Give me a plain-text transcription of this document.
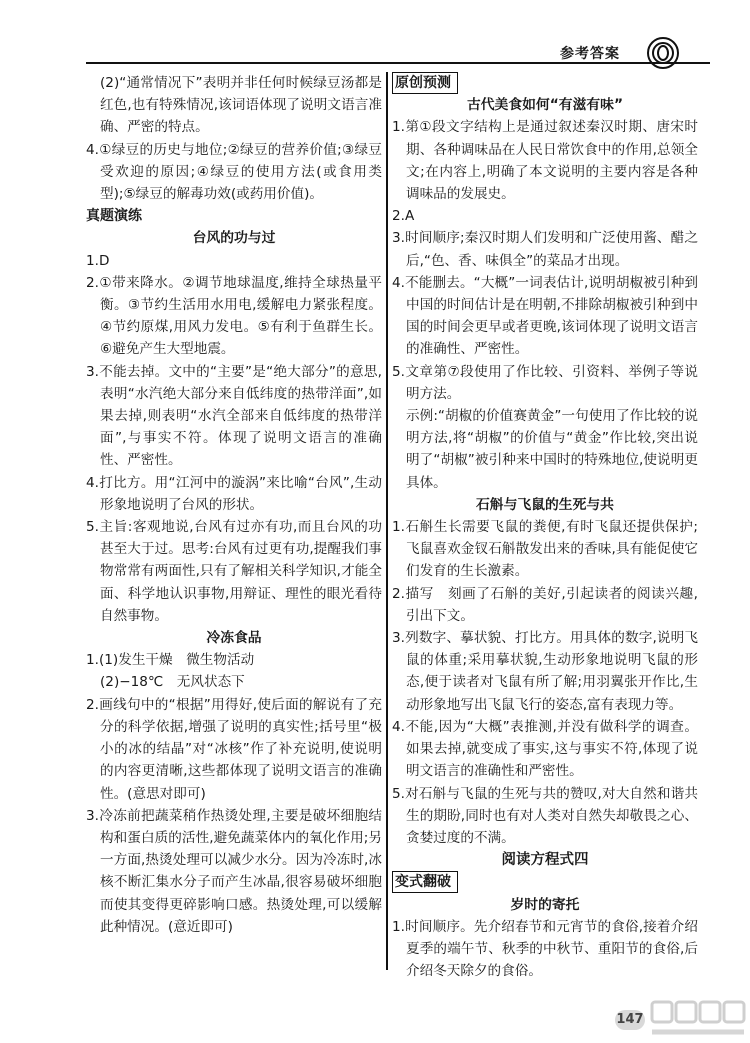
参考答案

(2)“通常情况下”表明并非任何时候绿豆汤都是红色,也有特殊情况,该词语体现了说明文语言准确、严密的特点。

4.①绿豆的历史与地位;②绿豆的营养价值;③绿豆受欢迎的原因;④绿豆的使用方法(或食用类型);⑤绿豆的解毒功效(或药用价值)。

真题演练

台风的功与过

1.D

2.①带来降水。②调节地球温度,维持全球热量平衡。③节约生活用水用电,缓解电力紧张程度。④节约原煤,用风力发电。⑤有利于鱼群生长。⑥避免产生大型地震。

3.不能去掉。文中的“主要”是“绝大部分”的意思,表明“水汽绝大部分来自低纬度的热带洋面”,如果去掉,则表明“水汽全部来自低纬度的热带洋面”,与事实不符。体现了说明文语言的准确性、严密性。

4.打比方。用“江河中的漩涡”来比喻“台风”,生动形象地说明了台风的形状。

5.主旨:客观地说,台风有过亦有功,而且台风的功甚至大于过。思考:台风有过更有功,提醒我们事物常常有两面性,只有了解相关科学知识,才能全面、科学地认识事物,用辩证、理性的眼光看待自然事物。

冷冻食品

1.(1)发生干燥　微生物活动

(2)−18℃　无风状态下

2.画线句中的“根据”用得好,使后面的解说有了充分的科学依据,增强了说明的真实性;括号里“极小的冰的结晶”对“冰核”作了补充说明,使说明的内容更清晰,这些都体现了说明文语言的准确性。(意思对即可)

3.冷冻前把蔬菜稍作热烫处理,主要是破坏细胞结构和蛋白质的活性,避免蔬菜体内的氧化作用;另一方面,热烫处理可以减少水分。因为冷冻时,冰核不断汇集水分子而产生冰晶,很容易破坏细胞而使其变得更碎影响口感。热烫处理,可以缓解此种情况。(意近即可)

原创预测

古代美食如何“有滋有味”

1.第①段文字结构上是通过叙述秦汉时期、唐宋时期、各种调味品在人民日常饮食中的作用,总领全文;在内容上,明确了本文说明的主要内容是各种调味品的发展史。

2.A

3.时间顺序;秦汉时期人们发明和广泛使用酱、醋之后,“色、香、味俱全”的菜品才出现。

4.不能删去。“大概”一词表估计,说明胡椒被引种到中国的时间估计是在明朝,不排除胡椒被引种到中国的时间会更早或者更晚,该词体现了说明文语言的准确性、严密性。

5.文章第⑦段使用了作比较、引资料、举例子等说明方法。

示例:“胡椒的价值赛黄金”一句使用了作比较的说明方法,将“胡椒”的价值与“黄金”作比较,突出说明了“胡椒”被引种来中国时的特殊地位,使说明更具体。

石斛与飞鼠的生死与共

1.石斛生长需要飞鼠的粪便,有时飞鼠还提供保护;飞鼠喜欢金钗石斛散发出来的香味,具有能促使它们发育的生长激素。

2.描写　刻画了石斛的美好,引起读者的阅读兴趣,引出下文。

3.列数字、摹状貌、打比方。用具体的数字,说明飞鼠的体重;采用摹状貌,生动形象地说明飞鼠的形态,便于读者对飞鼠有所了解;用羽翼张开作比,生动形象地写出飞鼠飞行的姿态,富有表现力等。

4.不能,因为“大概”表推测,并没有做科学的调查。如果去掉,就变成了事实,这与事实不符,体现了说明文语言的准确性和严密性。

5.对石斛与飞鼠的生死与共的赞叹,对大自然和谐共生的期盼,同时也有对人类对自然失却敬畏之心、贪婪过度的不满。

阅读方程式四

变式翻破

岁时的寄托

1.时间顺序。先介绍春节和元宵节的食俗,接着介绍夏季的端午节、秋季的中秋节、重阳节的食俗,后介绍冬天除夕的食俗。

147
